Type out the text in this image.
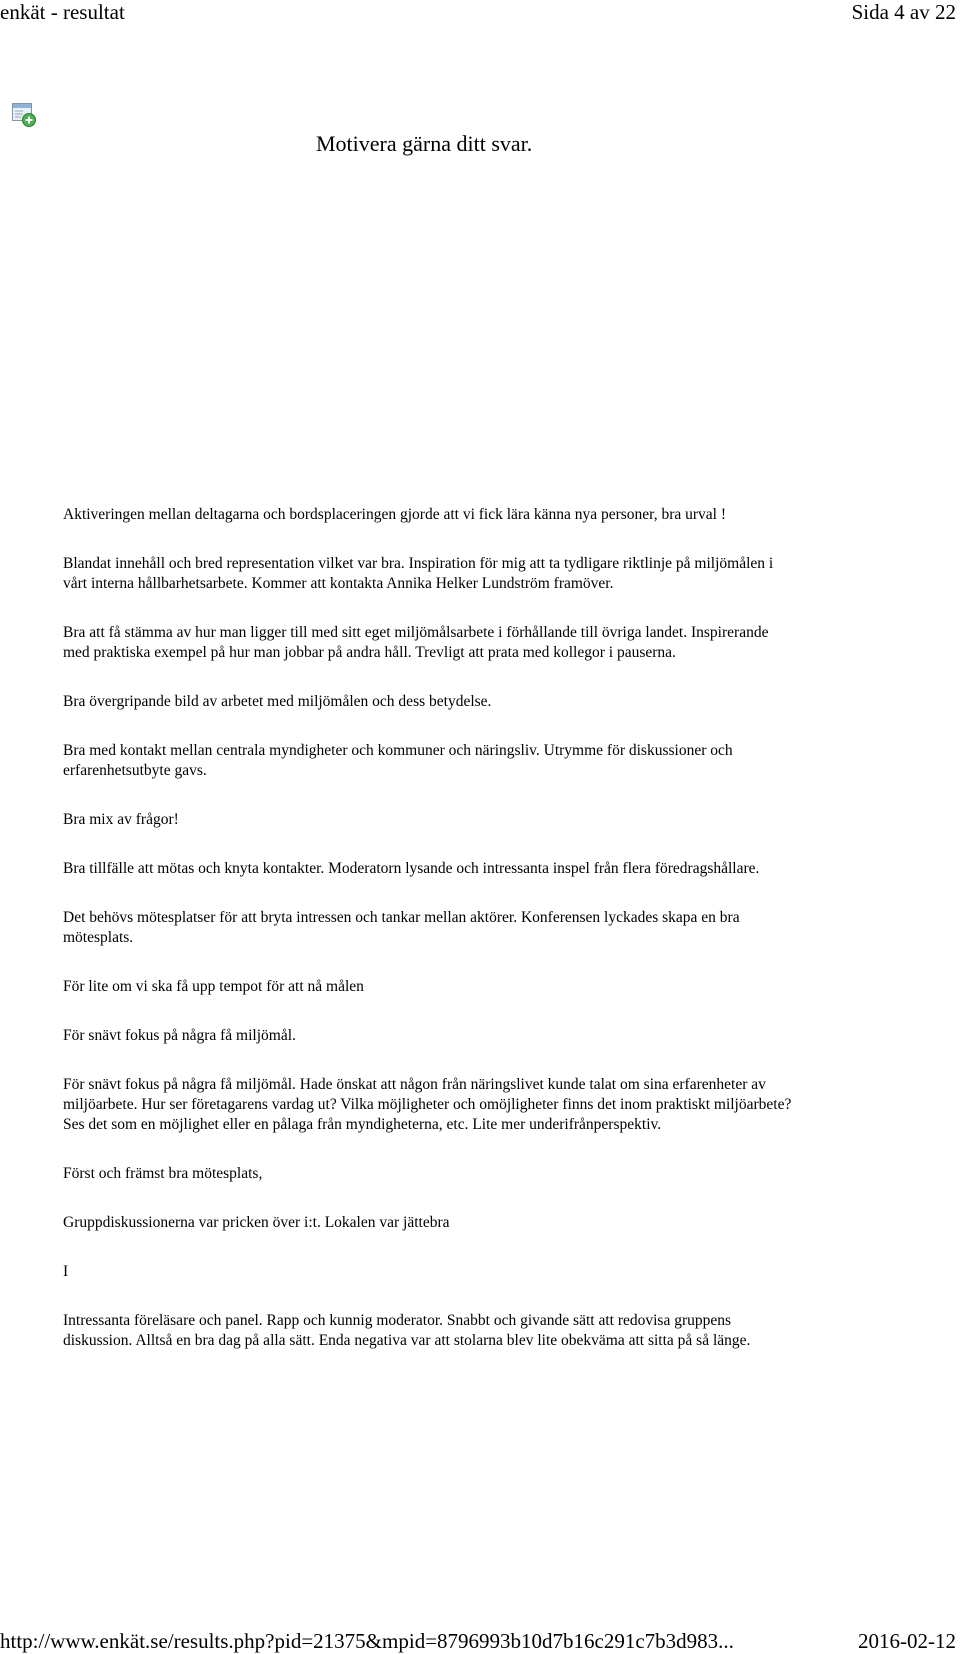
enkät - resultat	Sida 4 av 22
Motivera gärna ditt svar.

Aktiveringen mellan deltagarna och bordsplaceringen gjorde att vi fick lära känna nya personer, bra urval !

Blandat innehåll och bred representation vilket var bra. Inspiration för mig att ta tydligare riktlinje på miljömålen i vårt interna hållbarhetsarbete. Kommer att kontakta Annika Helker Lundström framöver.

Bra att få stämma av hur man ligger till med sitt eget miljömålsarbete i förhållande till övriga landet. Inspirerande med praktiska exempel på hur man jobbar på andra håll. Trevligt att prata med kollegor i pauserna.

Bra övergripande bild av arbetet med miljömålen och dess betydelse.

Bra med kontakt mellan centrala myndigheter och kommuner och näringsliv. Utrymme för diskussioner och erfarenhetsutbyte gavs.

Bra mix av frågor!

Bra tillfälle att mötas och knyta kontakter. Moderatorn lysande och intressanta inspel från flera föredragshållare.

Det behövs mötesplatser för att bryta intressen och tankar mellan aktörer. Konferensen lyckades skapa en bra mötesplats.

För lite om vi ska få upp tempot för att nå målen

För snävt fokus på några få miljömål.

För snävt fokus på några få miljömål. Hade önskat att någon från näringslivet kunde talat om sina erfarenheter av miljöarbete. Hur ser företagarens vardag ut? Vilka möjligheter och omöjligheter finns det inom praktiskt miljöarbete? Ses det som en möjlighet eller en pålaga från myndigheterna, etc. Lite mer underifrånperspektiv.

Först och främst bra mötesplats,

Gruppdiskussionerna var pricken över i:t. Lokalen var jättebra

I

Intressanta föreläsare och panel. Rapp och kunnig moderator. Snabbt och givande sätt att redovisa gruppens diskussion. Alltså en bra dag på alla sätt. Enda negativa var att stolarna blev lite obekväma att sitta på så länge.

http://www.enkät.se/results.php?pid=21375&mpid=8796993b10d7b16c291c7b3d983...	2016-02-12
